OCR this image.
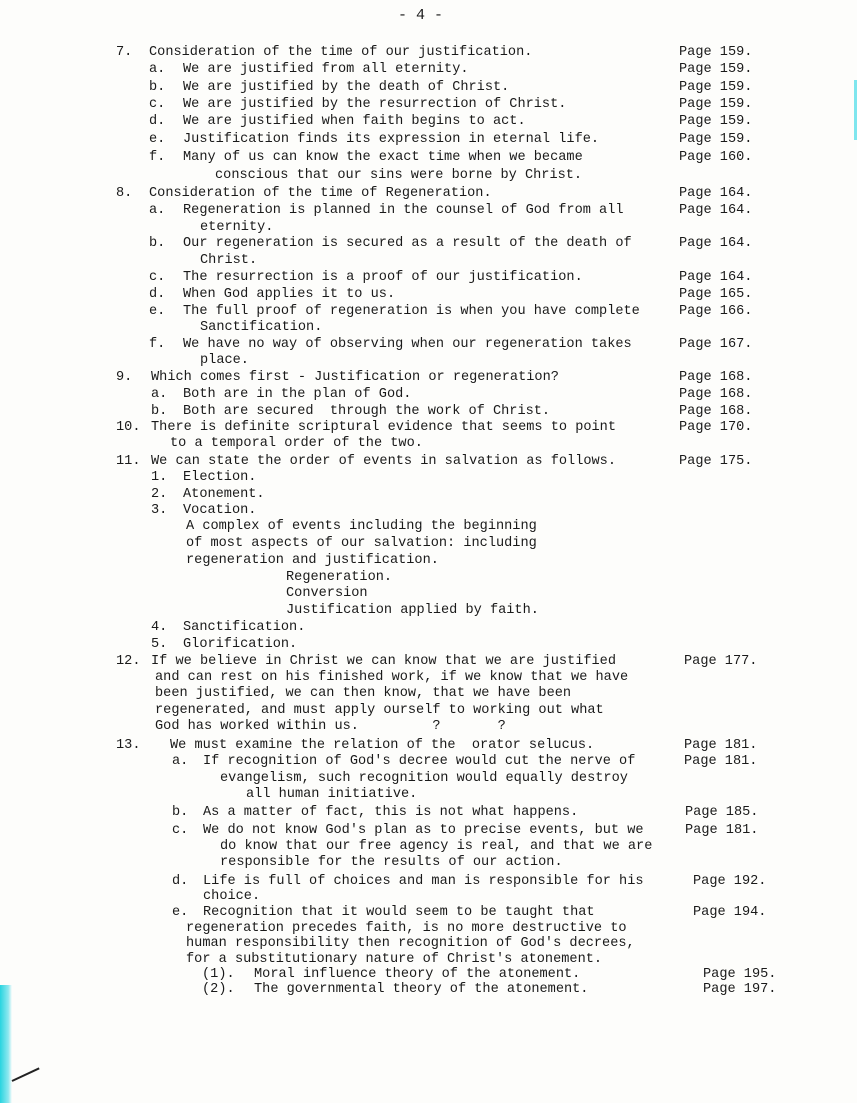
- 4 -
7. Consideration of the time of our justification.	Page 159.
a. We are justified from all eternity.	Page 159.
b. We are justified by the death of Christ.	Page 159.
c. We are justified by the resurrection of Christ.	Page 159.
d. We are justified when faith begins to act.	Page 159.
e. Justification finds its expression in eternal life.	Page 159.
f. Many of us can know the exact time when we became	Page 160.
conscious that our sins were borne by Christ.
8. Consideration of the time of Regeneration.	Page 164.
a. Regeneration is planned in the counsel of God from all	Page 164.
eternity.
b. Our regeneration is secured as a result of the death of	Page 164.
Christ.
c. The resurrection is a proof of our justification.	Page 164.
d. When God applies it to us.	Page 165.
e. The full proof of regeneration is when you have complete	Page 166.
Sanctification.
f. We have no way of observing when our regeneration takes	Page 167.
place.
9. Which comes first - Justification or regeneration?	Page 168.
a. Both are in the plan of God.	Page 168.
b. Both are secured  through the work of Christ.	Page 168.
10. There is definite scriptural evidence that seems to point	Page 170.
to a temporal order of the two.
11. We can state the order of events in salvation as follows.	Page 175.
1. Election.
2. Atonement.
3. Vocation.
A complex of events including the beginning
of most aspects of our salvation: including
regeneration and justification.
Regeneration.
Conversion
Justification applied by faith.
4. Sanctification.
5. Glorification.
12. If we believe in Christ we can know that we are justified	Page 177.
and can rest on his finished work, if we know that we have
been justified, we can then know, that we have been
regenerated, and must apply ourself to working out what
God has worked within us.         ?       ?
13. We must examine the relation of the  orator selucus.	Page 181.
a. If recognition of God's decree would cut the nerve of	Page 181.
evangelism, such recognition would equally destroy
all human initiative.
b. As a matter of fact, this is not what happens.	Page 185.
c. We do not know God's plan as to precise events, but we	Page 181.
do know that our free agency is real, and that we are
responsible for the results of our action.
d. Life is full of choices and man is responsible for his	Page 192.
choice.
e. Recognition that it would seem to be taught that	Page 194.
regeneration precedes faith, is no more destructive to
human responsibility then recognition of God's decrees,
for a substitutionary nature of Christ's atonement.
(1). Moral influence theory of the atonement.	Page 195.
(2). The governmental theory of the atonement.	Page 197.
